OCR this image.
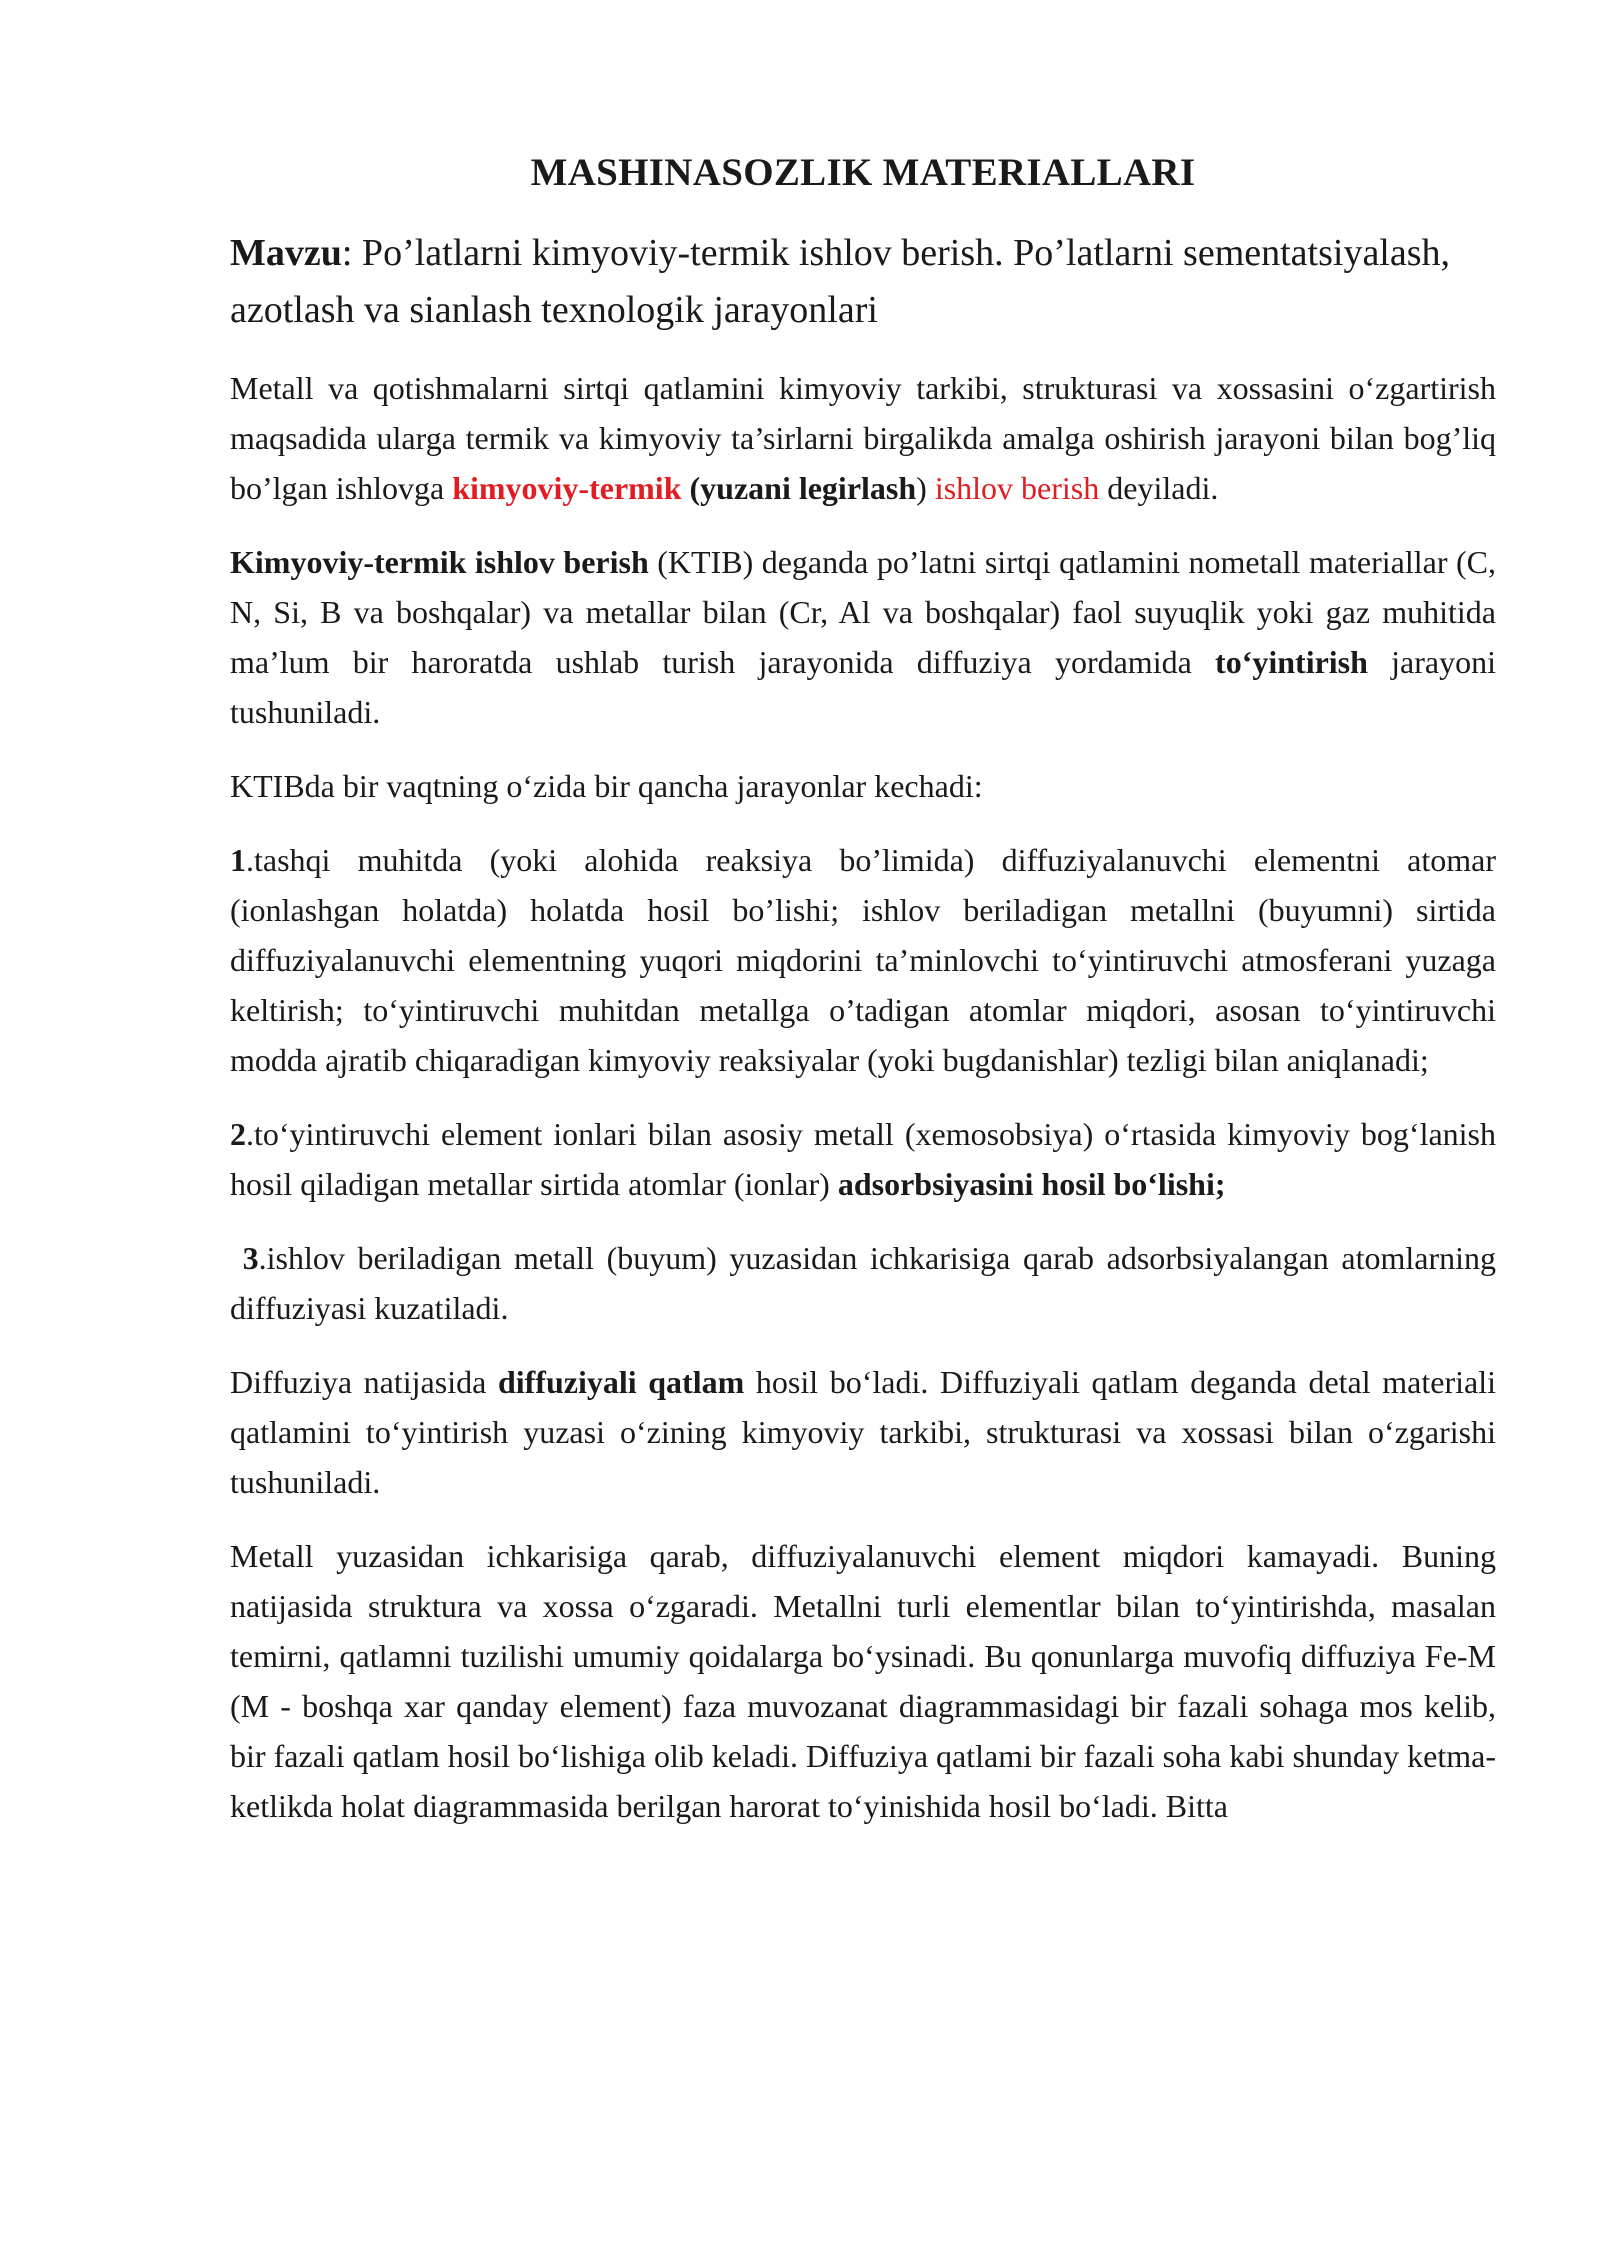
MASHINASOZLIK MATERIALLARI
Mavzu: Po’latlarni kimyoviy-termik ishlov berish. Po’latlarni sementatsiyalash, azotlash va sianlash texnologik jarayonlari

Metall va qotishmalarni sirtqi qatlamini kimyoviy tarkibi, strukturasi va xossasini o‘zgartirish maqsadida ularga termik va kimyoviy ta’sirlarni birgalikda amalga oshirish jarayoni bilan bog’liq bo’lgan ishlovga kimyoviy-termik (yuzani legirlash) ishlov berish deyiladi.

Kimyoviy-termik ishlov berish (KTIB) deganda po’latni sirtqi qatlamini nometall materiallar (C, N, Si, B va boshqalar) va metallar bilan (Cr, Al va boshqalar) faol suyuqlik yoki gaz muhitida ma’lum bir haroratda ushlab turish jarayonida diffuziya yordamida to‘yintirish jarayoni tushuniladi.

KTIBda bir vaqtning o‘zida bir qancha jarayonlar kechadi:

1.tashqi muhitda (yoki alohida reaksiya bo’limida) diffuziyalanuvchi elementni atomar (ionlashgan holatda) holatda hosil bo’lishi; ishlov beriladigan metallni (buyumni) sirtida diffuziyalanuvchi elementning yuqori miqdorini ta’minlovchi to‘yintiruvchi atmosferani yuzaga keltirish; to‘yintiruvchi muhitdan metallga o’tadigan atomlar miqdori, asosan to‘yintiruvchi modda ajratib chiqaradigan kimyoviy reaksiyalar (yoki bugdanishlar) tezligi bilan aniqlanadi;

2.to‘yintiruvchi element ionlari bilan asosiy metall (xemosobsiya) o‘rtasida kimyoviy bog‘lanish hosil qiladigan metallar sirtida atomlar (ionlar) adsorbsiyasini hosil bo‘lishi;

3.ishlov beriladigan metall (buyum) yuzasidan ichkarisiga qarab adsorbsiyalangan atomlarning diffuziyasi kuzatiladi.

Diffuziya natijasida diffuziyali qatlam hosil bo‘ladi. Diffuziyali qatlam deganda detal materiali qatlamini to‘yintirish yuzasi o‘zining kimyoviy tarkibi, strukturasi va xossasi bilan o‘zgarishi tushuniladi.

Metall yuzasidan ichkarisiga qarab, diffuziyalanuvchi element miqdori kamayadi. Buning natijasida struktura va xossa o‘zgaradi. Metallni turli elementlar bilan to‘yintirishda, masalan temirni, qatlamni tuzilishi umumiy qoidalarga bo‘ysinadi. Bu qonunlarga muvofiq diffuziya Fe-M (M - boshqa xar qanday element) faza muvozanat diagrammasidagi bir fazali sohaga mos kelib, bir fazali qatlam hosil bo‘lishiga olib keladi. Diffuziya qatlami bir fazali soha kabi shunday ketma-ketlikda holat diagrammasida berilgan harorat to‘yinishida hosil bo‘ladi. Bitta
